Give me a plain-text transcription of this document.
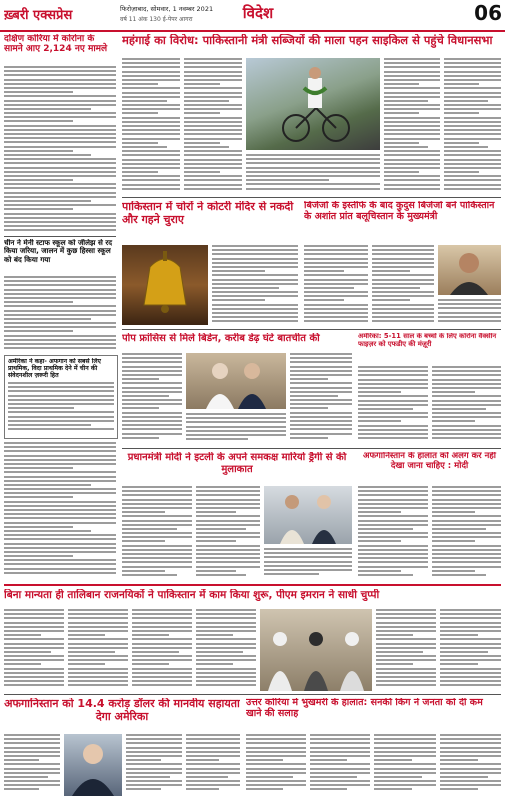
ख़्बरी एक्सप्रेस	फिरोज़ाबाद, सोमवार, 1 नवम्बर 2021
वर्ष 11 अंक 130 ई-पेपर आगरा	विदेश	06
दक्षिण कोरिया में कोरोना के सामने आए 2,124 नए मामले
चीन ने मेनी स्टाफ स्कूल को जीलेझ से रद किया जरिया, जालन में कुछ हिस्सा स्कूल को बंद किया गया
अमेरिका ने कहा- अफगान को सबसे लिए प्राथमिक, विदा प्राथमिक देने में चीन की संवेदनशील ज़रूरी हित
महंगाई का विरोध: पाकिस्तानी मंत्री सब्जियों की माला पहन साइकिल से पहुंचे विधानसभा
पाकिस्तान में चोरों ने कोटरी मंदिर से नकदी और गहने चुराए
बिजेंजो के इस्तीफे के बाद कुदुस बिजेंजो बने पाकिस्तान के अशांत प्रांत बलूचिस्तान के मुख्यमंत्री
पोप फ्रांसिस से मिले बिडेन, करीब डेढ़ घंटे बातचीत की	अमेरिका: 5-11 साल के बच्चों के लिए कोरोना वैक्सीन फाइज़र को एफडीए की मंज़ूरी
प्रधानमंत्री मोदी ने इटली के अपने समकक्ष मारियो ड्रैगी से की मुलाकात
अफगानिस्तान के हालात को अलग कर नहीं देखा जाना चाहिए : मोदी
बिना मान्यता ही तालिबान राजनयिकों ने पाकिस्तान में काम किया शुरू, पीएम इमरान ने साधी चुप्पी
अफगानिस्तान को 14.4 करोड़ डॉलर की मानवीय सहायता देगा अमेरिका
उत्तर कोरिया में भुखमरी के हालात: सनकी किंग ने जनता को दी कम खाने की सलाह
